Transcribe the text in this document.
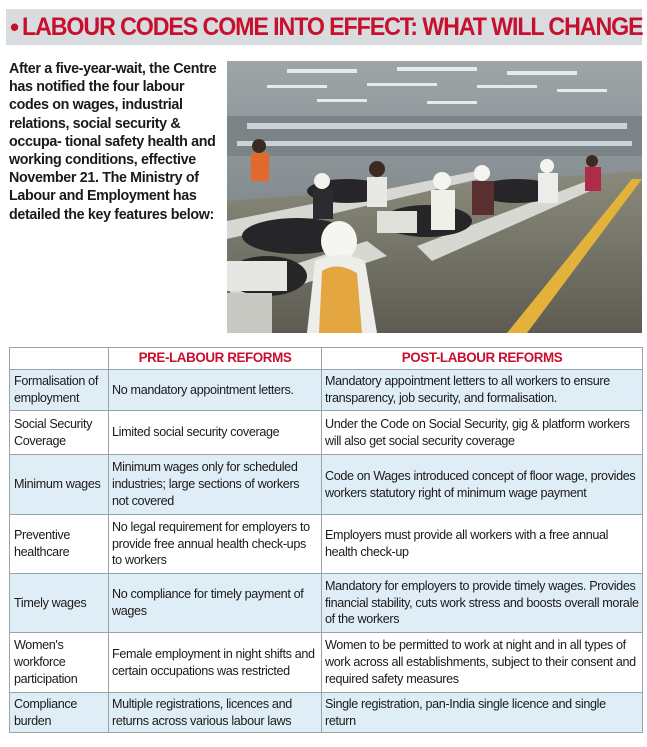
• LABOUR CODES COME INTO EFFECT: WHAT WILL CHANGE
After a five-year-wait, the Centre has notified the four labour codes on wages, industrial relations, social security & occupa- tional safety health and working conditions, effective November 21. The Ministry of Labour and Employment has detailed the key features below:
	PRE-LABOUR REFORMS	POST-LABOUR REFORMS
Formalisation of employment	No mandatory appointment letters.	Mandatory appointment letters to all workers to ensure transparency, job security, and formalisation.
Social Security Coverage	Limited social security coverage	Under the Code on Social Security, gig & platform workers will also get social security coverage
Minimum wages	Minimum wages only for scheduled industries; large sections of workers not covered	Code on Wages introduced concept of floor wage, provides workers statutory right of minimum wage payment
Preventive healthcare	No legal requirement for employers to provide free annual health check-ups to workers	Employers must provide all workers with a free annual health check-up
Timely wages	No compliance for timely payment of wages	Mandatory for employers to provide timely wages. Provides financial stability, cuts work stress and boosts overall morale of the workers
Women's workforce participation	Female employment in night shifts and certain occupations was restricted	Women to be permitted to work at night and in all types of work across all establishments, subject to their consent and required safety measures
Compliance burden	Multiple registrations, licences and returns across various labour laws	Single registration, pan-India single licence and single return
